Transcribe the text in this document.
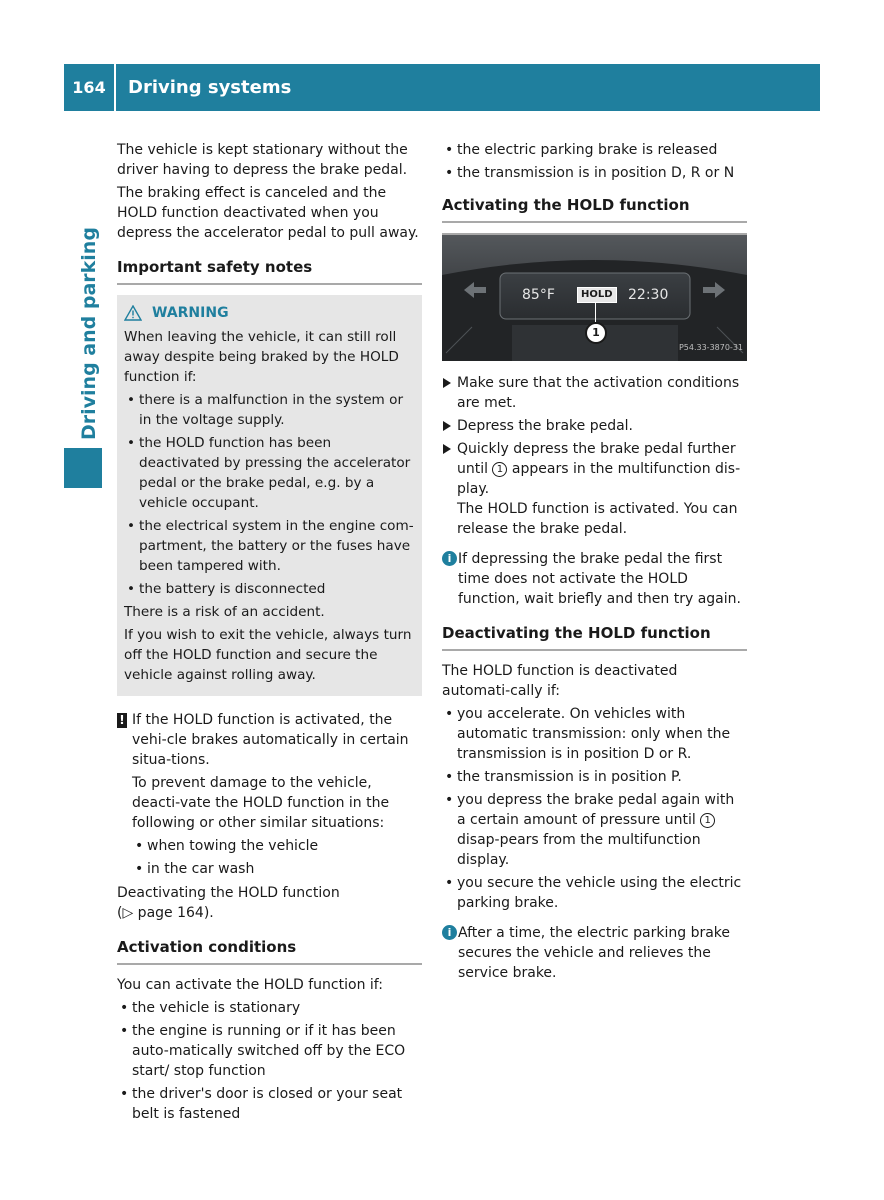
164	Driving systems
Driving and parking

The vehicle is kept stationary without the driver having to depress the brake pedal.

The braking effect is canceled and the HOLD function deactivated when you depress the accelerator pedal to pull away.

Important safety notes
WARNING

When leaving the vehicle, it can still roll away despite being braked by the HOLD function if:

• there is a malfunction in the system or in the voltage supply.
• the HOLD function has been deactivated by pressing the accelerator pedal or the brake pedal, e.g. by a vehicle occupant.
• the electrical system in the engine com-partment, the battery or the fuses have been tampered with.
• the battery is disconnected

There is a risk of an accident.

If you wish to exit the vehicle, always turn off the HOLD function and secure the vehicle against rolling away.

! If the HOLD function is activated, the vehi-cle brakes automatically in certain situa-tions.

To prevent damage to the vehicle, deacti-vate the HOLD function in the following or other similar situations:

• when towing the vehicle
• in the car wash

Deactivating the HOLD function
(▷ page 164).

Activation conditions

You can activate the HOLD function if:

• the vehicle is stationary
• the engine is running or if it has been auto-matically switched off by the ECO start/ stop function
• the driver's door is closed or your seat belt is fastened
• the electric parking brake is released
• the transmission is in position D, R or N
Activating the HOLD function
85°F	HOLD 22:30
1
P54.33-3870-31
Make sure that the activation conditions are met.
Depress the brake pedal.
Quickly depress the brake pedal further until 1 appears in the multifunction dis-play.
The HOLD function is activated. You can release the brake pedal.
i If depressing the brake pedal the first time does not activate the HOLD function, wait briefly and then try again.
Deactivating the HOLD function

The HOLD function is deactivated automati-cally if:

• you accelerate. On vehicles with automatic transmission: only when the transmission is in position D or R.
• the transmission is in position P.
• you depress the brake pedal again with a certain amount of pressure until 1 disap-pears from the multifunction display.
• you secure the vehicle using the electric parking brake.
i After a time, the electric parking brake secures the vehicle and relieves the service brake.
